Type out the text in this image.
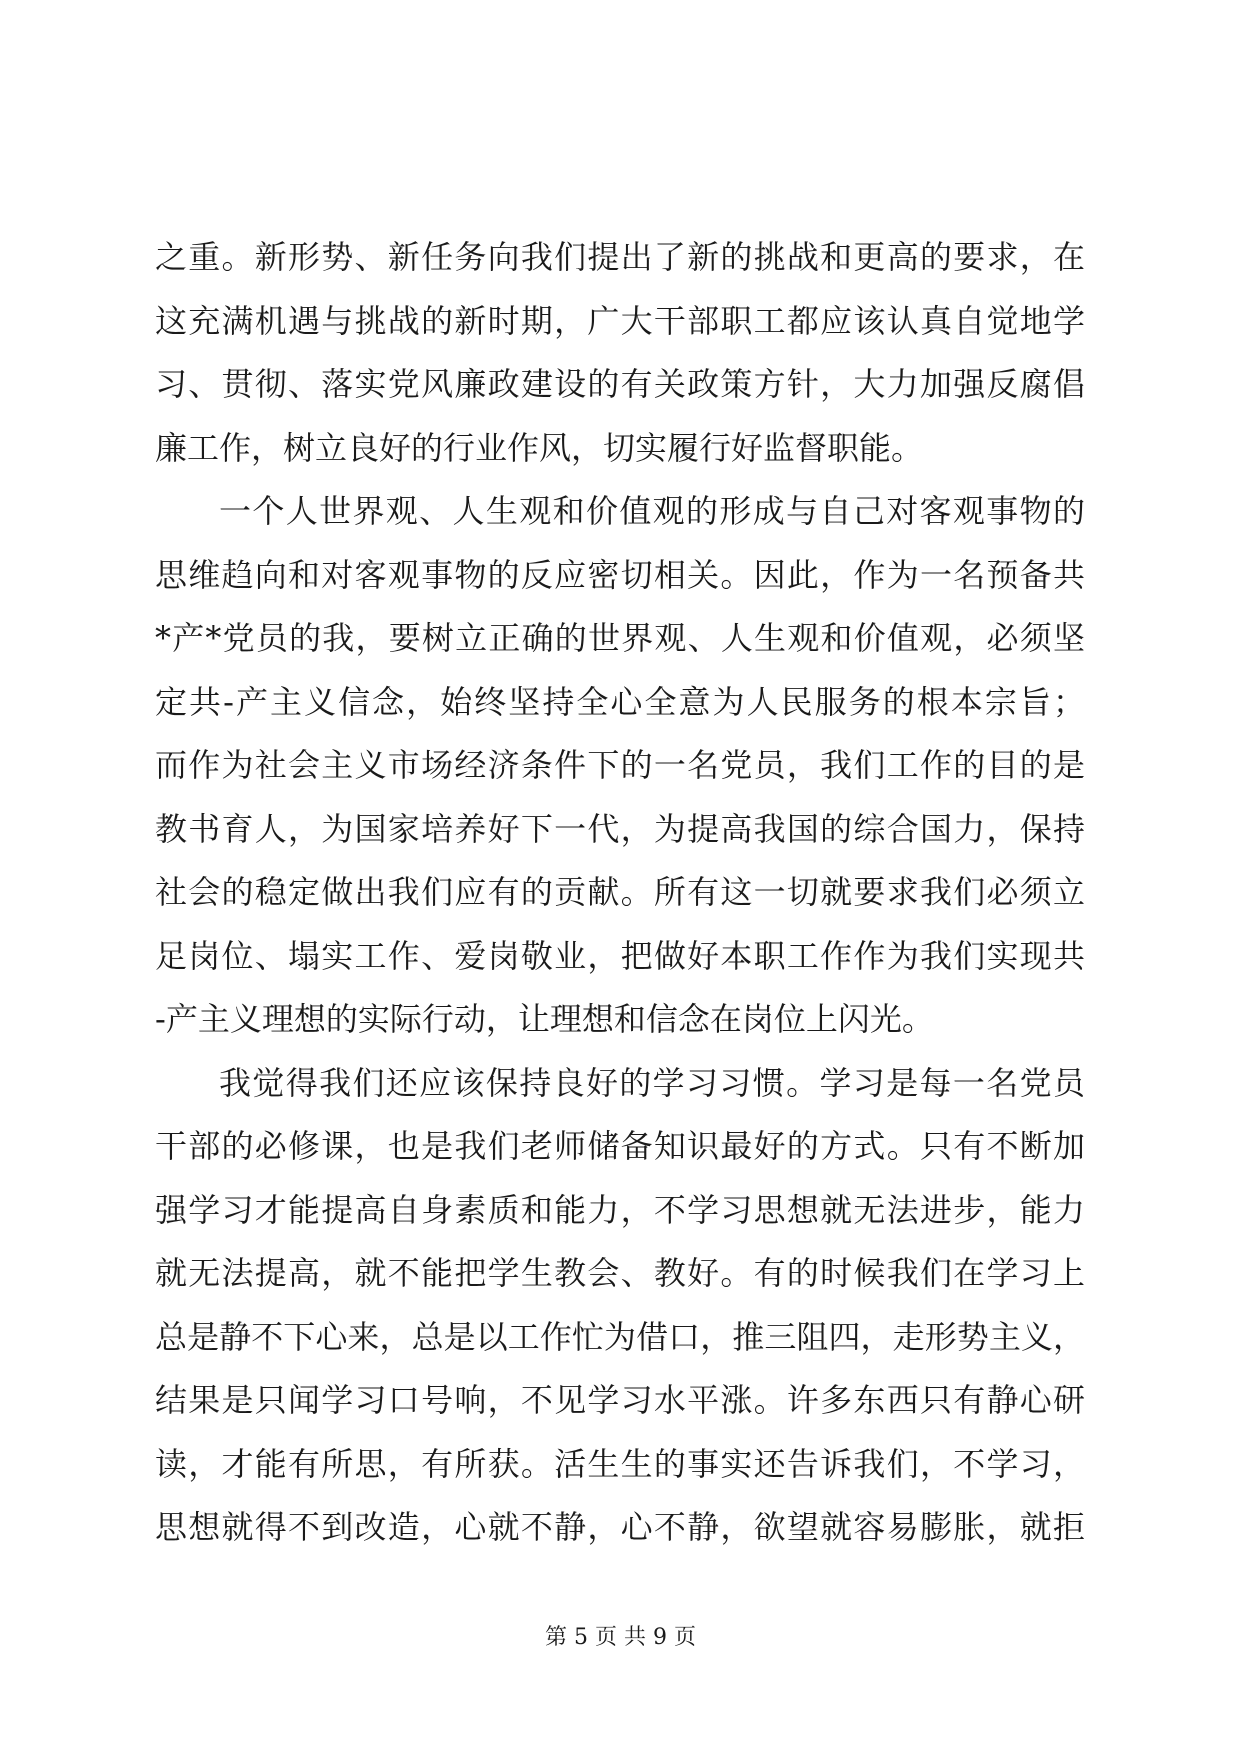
之重。新形势、新任务向我们提出了新的挑战和更高的要求，在
这充满机遇与挑战的新时期，广大干部职工都应该认真自觉地学
习、贯彻、落实党风廉政建设的有关政策方针，大力加强反腐倡
廉工作，树立良好的行业作风，切实履行好监督职能。
一个人世界观、人生观和价值观的形成与自己对客观事物的
思维趋向和对客观事物的反应密切相关。因此，作为一名预备共
*产*党员的我，要树立正确的世界观、人生观和价值观，必须坚
定共-产主义信念，始终坚持全心全意为人民服务的根本宗旨；
而作为社会主义市场经济条件下的一名党员，我们工作的目的是
教书育人，为国家培养好下一代，为提高我国的综合国力，保持
社会的稳定做出我们应有的贡献。所有这一切就要求我们必须立
足岗位、塌实工作、爱岗敬业，把做好本职工作作为我们实现共
-产主义理想的实际行动，让理想和信念在岗位上闪光。
我觉得我们还应该保持良好的学习习惯。学习是每一名党员
干部的必修课，也是我们老师储备知识最好的方式。只有不断加
强学习才能提高自身素质和能力，不学习思想就无法进步，能力
就无法提高，就不能把学生教会、教好。有的时候我们在学习上
总是静不下心来，总是以工作忙为借口，推三阻四，走形势主义，
结果是只闻学习口号响，不见学习水平涨。许多东西只有静心研
读，才能有所思，有所获。活生生的事实还告诉我们，不学习，
思想就得不到改造，心就不静，心不静，欲望就容易膨胀，就拒
第 5 页 共 9 页
